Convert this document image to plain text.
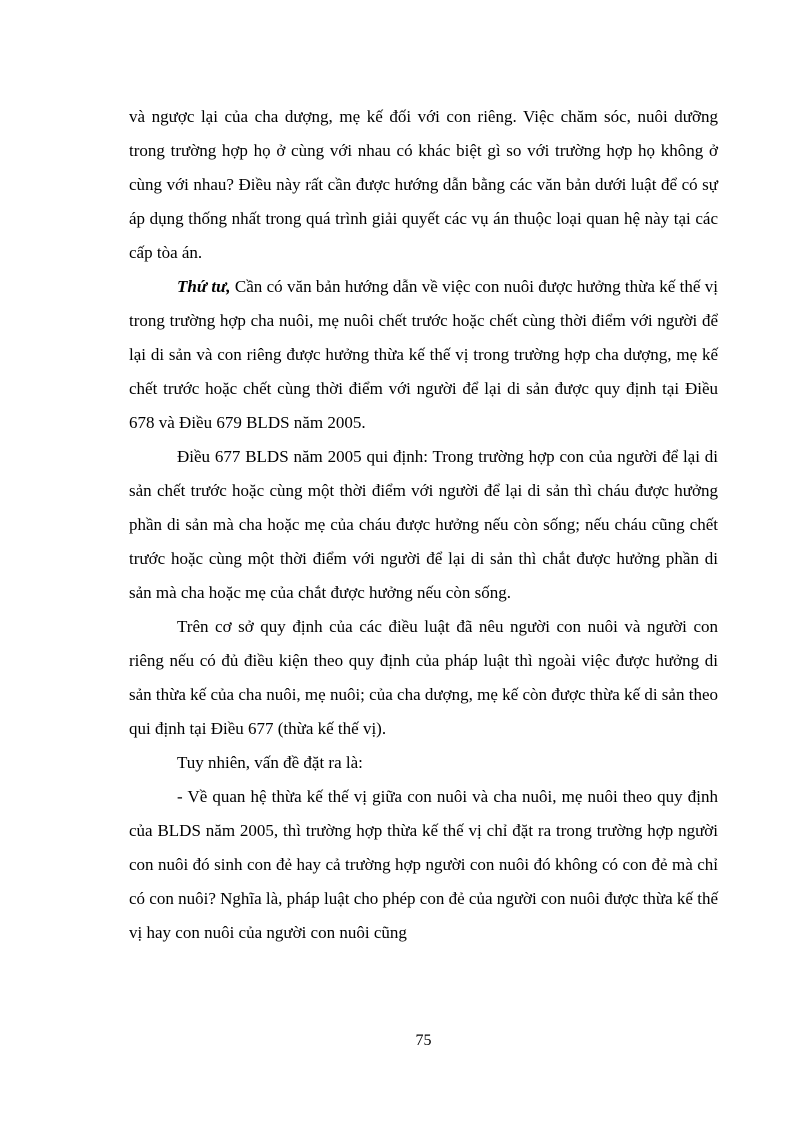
và ngược lại của cha dượng, mẹ kế đối với con riêng. Việc chăm sóc, nuôi dưỡng trong trường hợp họ ở cùng với nhau có khác biệt gì so với trường hợp họ không ở cùng với nhau? Điều này rất cần được hướng dẫn bằng các văn bản dưới luật để có sự áp dụng thống nhất trong quá trình giải quyết các vụ án thuộc loại quan hệ này tại các cấp tòa án.

Thứ tư, Cần có văn bản hướng dẫn về việc con nuôi được hưởng thừa kế thế vị trong trường hợp cha nuôi, mẹ nuôi chết trước hoặc chết cùng thời điểm với người để lại di sản và con riêng được hưởng thừa kế thế vị trong trường hợp cha dượng, mẹ kế chết trước hoặc chết cùng thời điểm với người để lại di sản được quy định tại Điều 678 và Điều 679 BLDS năm 2005.

Điều 677 BLDS năm 2005 qui định: Trong trường hợp con của người để lại di sản chết trước hoặc cùng một thời điểm với người để lại di sản thì cháu được hưởng phần di sản mà cha hoặc mẹ của cháu được hưởng nếu còn sống; nếu cháu cũng chết trước hoặc cùng một thời điểm với người để lại di sản thì chắt được hưởng phần di sản mà cha hoặc mẹ của chắt được hưởng nếu còn sống.

Trên cơ sở quy định của các điều luật đã nêu người con nuôi và người con riêng nếu có đủ điều kiện theo quy định của pháp luật thì ngoài việc được hưởng di sản thừa kế của cha nuôi, mẹ nuôi; của cha dượng, mẹ kế còn được thừa kế di sản theo qui định tại Điều 677 (thừa kế thế vị).

Tuy nhiên, vấn đề đặt ra là:

- Về quan hệ thừa kế thế vị giữa con nuôi và cha nuôi, mẹ nuôi theo quy định của BLDS năm 2005, thì trường hợp thừa kế thế vị chỉ đặt ra trong trường hợp người con nuôi đó sinh con đẻ hay cả trường hợp người con nuôi đó không có con đẻ mà chỉ có con nuôi? Nghĩa là, pháp luật cho phép con đẻ của người con nuôi được thừa kế thế vị hay con nuôi của người con nuôi cũng

75
